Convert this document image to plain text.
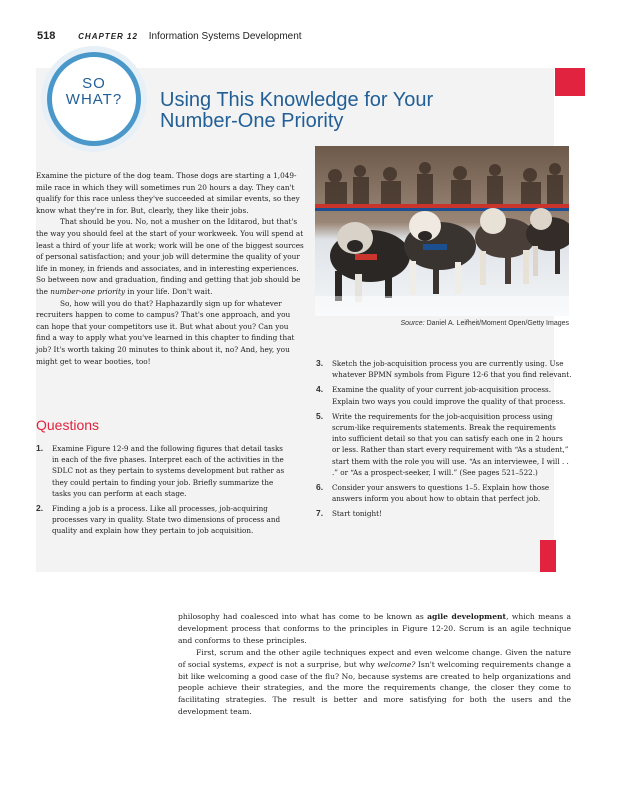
518	CHAPTER 12 Information Systems Development
SO
WHAT?	Using This Knowledge for Your
Number-One Priority
Source: Daniel A. Leifheit/Moment Open/Getty Images

Examine the picture of the dog team. Those dogs are starting a 1,049-mile race in which they will sometimes run 20 hours a day. They can't qualify for this race unless they've succeeded at similar events, so they know what they're in for. But, clearly, they like their jobs.

That should be you. No, not a musher on the Iditarod, but that's the way you should feel at the start of your workweek. You will spend at least a third of your life at work; work will be one of the biggest sources of personal satisfaction; and your job will determine the quality of your life in money, in friends and associates, and in interesting experiences. So between now and graduation, finding and getting that job should be the number-one priority in your life. Don't wait.

So, how will you do that? Haphazardly sign up for whatever recruiters happen to come to campus? That's one approach, and you can hope that your competitors use it. But what about you? Can you find a way to apply what you've learned in this chapter to finding that job? It's worth taking 20 minutes to think about it, no? And, hey, you might get to wear booties, too!

Questions
1. Examine Figure 12-9 and the following figures that detail tasks in each of the five phases. Interpret each of the activities in the SDLC not as they pertain to systems development but rather as they could pertain to finding your job. Briefly summarize the tasks you can perform at each stage.
2. Finding a job is a process. Like all processes, job-acquiring processes vary in quality. State two dimensions of process and quality and explain how they pertain to job acquisition.
3. Sketch the job-acquisition process you are currently using. Use whatever BPMN symbols from Figure 12-6 that you find relevant.
4. Examine the quality of your current job-acquisition process. Explain two ways you could improve the quality of that process.
5. Write the requirements for the job-acquisition process using scrum-like requirements statements. Break the requirements into sufficient detail so that you can satisfy each one in 2 hours or less. Rather than start every requirement with “As a student,” start them with the role you will use. “As an interviewee, I will . . .” or “As a prospect-seeker, I will.” (See pages 521–522.)
6. Consider your answers to questions 1–5. Explain how those answers inform you about how to obtain that perfect job.
7. Start tonight!

philosophy had coalesced into what has come to be known as agile development, which means a development process that conforms to the principles in Figure 12-20. Scrum is an agile technique and conforms to these principles.

First, scrum and the other agile techniques expect and even welcome change. Given the nature of social systems, expect is not a surprise, but why welcome? Isn't welcoming requirements change a bit like welcoming a good case of the flu? No, because systems are created to help organizations and people achieve their strategies, and the more the requirements change, the closer they come to facilitating strategies. The result is better and more satisfying for both the users and the development team.
